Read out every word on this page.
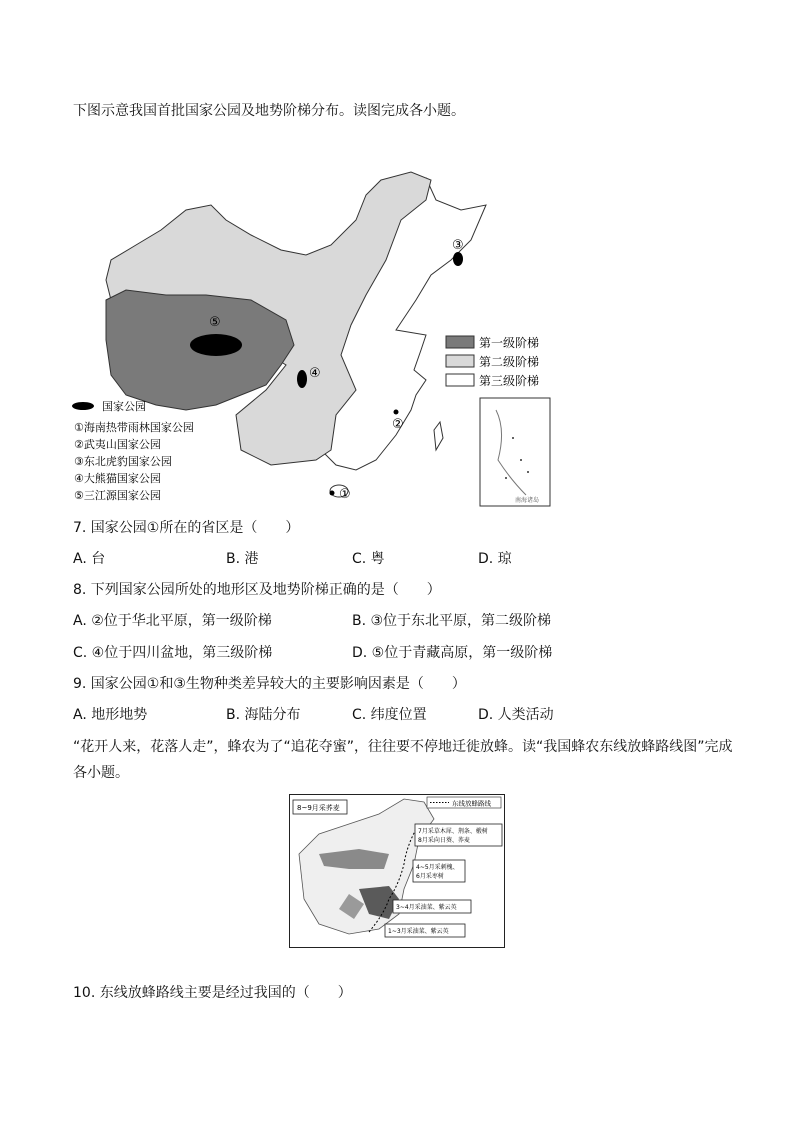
下图示意我国首批国家公园及地势阶梯分布。读图完成各小题。
⑤
④
③
②
①
第一级阶梯
第二级阶梯
第三级阶梯
国家公园
①海南热带雨林国家公园
②武夷山国家公园
③东北虎豹国家公园
④大熊猫国家公园
⑤三江源国家公园	南海诸岛
7. 国家公园①所在的省区是（　　）
A. 台	B. 港	C. 粤	D. 琼
8. 下列国家公园所处的地形区及地势阶梯正确的是（　　）
A. ②位于华北平原，第一级阶梯	B. ③位于东北平原，第二级阶梯
C. ④位于四川盆地，第三级阶梯	D. ⑤位于青藏高原，第一级阶梯
9. 国家公园①和③生物种类差异较大的主要影响因素是（　　）
A. 地形地势	B. 海陆分布	C. 纬度位置	D. 人类活动
“花开人来，花落人走”，蜂农为了“追花夺蜜”，往往要不停地迁徙放蜂。读“我国蜂农东线放蜂路线图”完成各小题。
东线放蜂路线
8~9月采荞麦
7月采草木犀、荆条、椴树
8月采向日葵、荞麦
4~5月采刺槐、
6月采枣树
3~4月采油菜、紫云英
1~3月采油菜、紫云英
10. 东线放蜂路线主要是经过我国的（　　）
